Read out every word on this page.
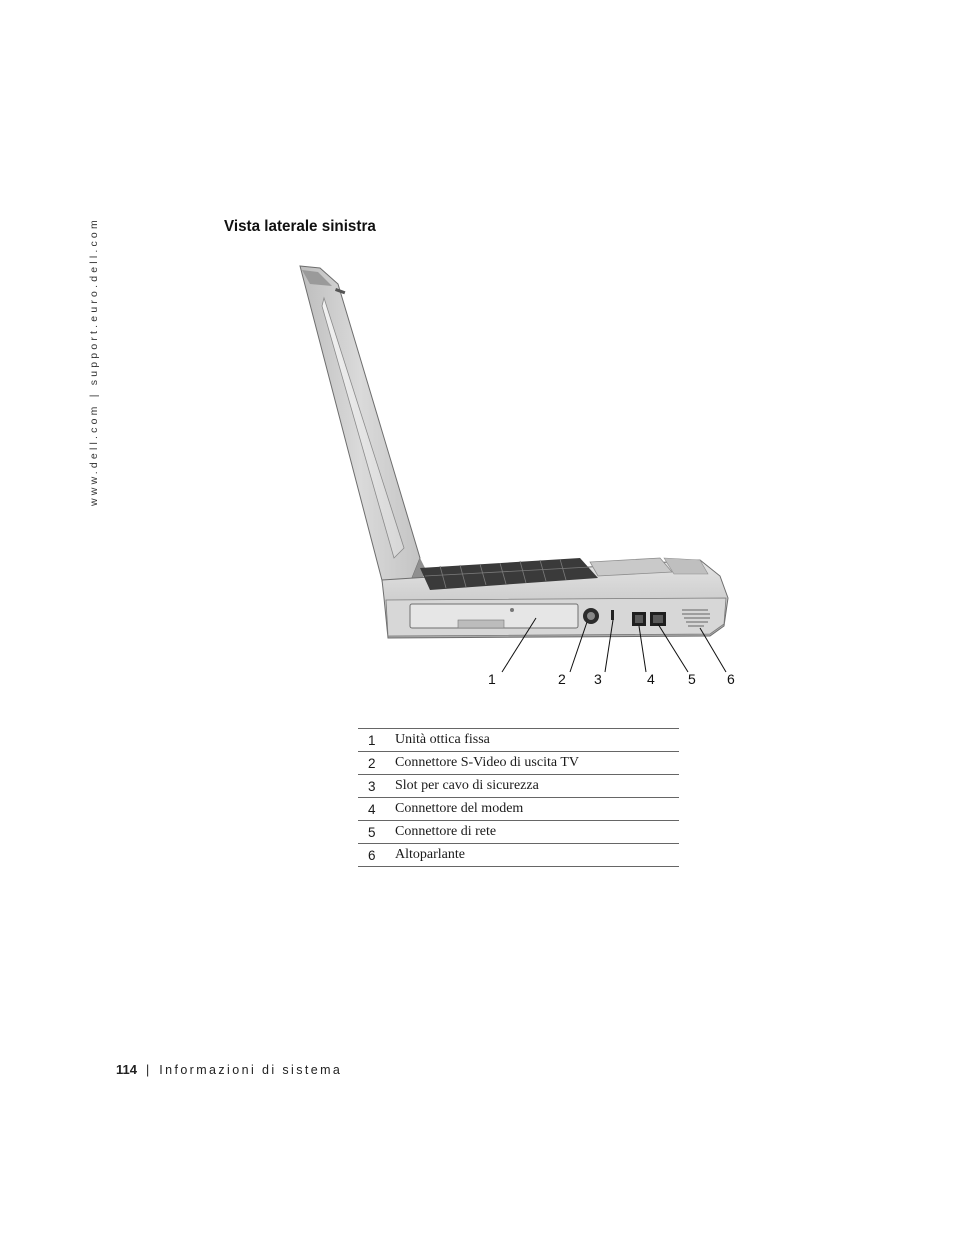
www.dell.com | support.euro.dell.com	Vista laterale sinistra
1	2 3	4 5 6
1	Unità ottica fissa
2	Connettore S-Video di uscita TV
3	Slot per cavo di sicurezza
4	Connettore del modem
5	Connettore di rete
6	Altoparlante
114 | Informazioni di sistema
